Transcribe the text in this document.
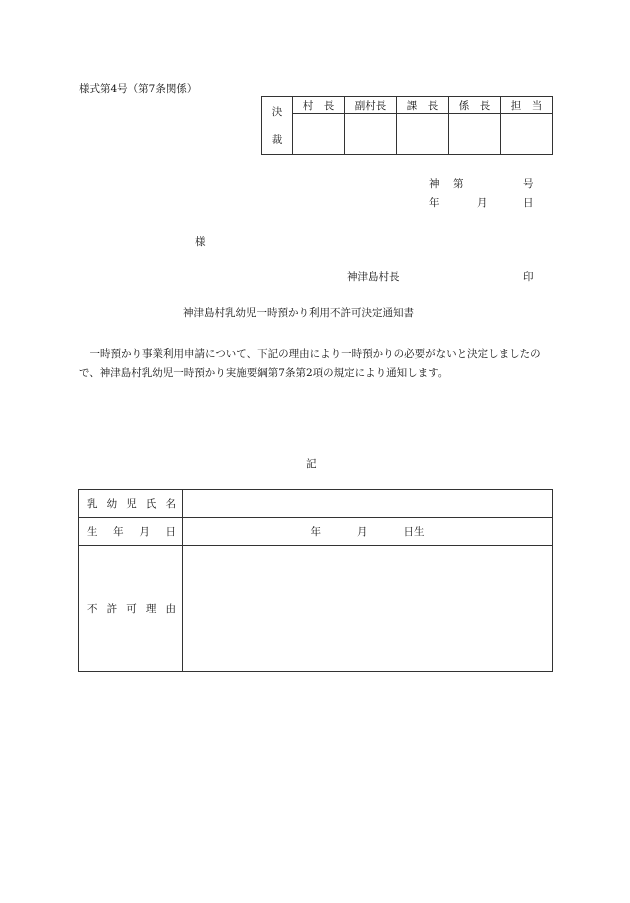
様式第4号（第7条関係）
決
裁	村　長	副村長	課　長	係　長	担　当

神 第	号
年	月	日
様
神津島村長	印
神津島村乳幼児一時預かり利用不許可決定通知書
　一時預かり事業利用申請について、下記の理由により一時預かりの必要がないと決定しましたので、神津島村乳幼児一時預かり実施要綱第7条第2項の規定により通知します。
記
乳 幼 児 氏 名	

生 年 月 日	年 月 日生

不 許 可 理 由	
